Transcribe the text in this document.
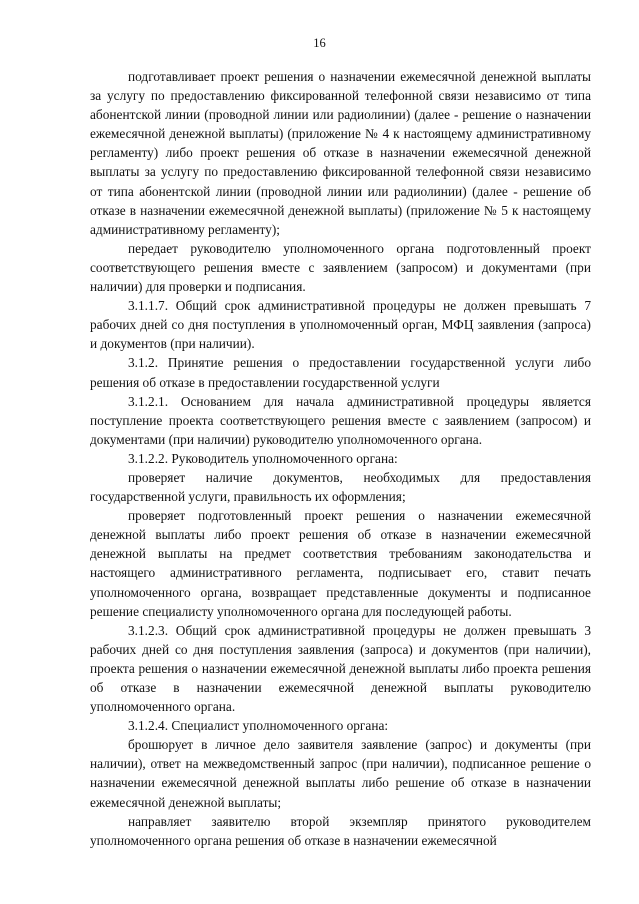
16

подготавливает проект решения о назначении ежемесячной денежной выплаты за услугу по предоставлению фиксированной телефонной связи независимо от типа абонентской линии (проводной линии или радиолинии) (далее - решение о назначении ежемесячной денежной выплаты) (приложение № 4 к настоящему административному регламенту) либо проект решения об отказе в назначении ежемесячной денежной выплаты за услугу по предоставлению фиксированной телефонной связи независимо от типа абонентской линии (проводной линии или радиолинии) (далее - решение об отказе в назначении ежемесячной денежной выплаты) (приложение № 5 к настоящему административному регламенту);

передает руководителю уполномоченного органа подготовленный проект соответствующего решения вместе с заявлением (запросом) и документами (при наличии) для проверки и подписания.

3.1.1.7. Общий срок административной процедуры не должен превышать 7 рабочих дней со дня поступления в уполномоченный орган, МФЦ заявления (запроса) и документов (при наличии).

3.1.2. Принятие решения о предоставлении государственной услуги либо решения об отказе в предоставлении государственной услуги

3.1.2.1. Основанием для начала административной процедуры является поступление проекта соответствующего решения вместе с заявлением (запросом) и документами (при наличии) руководителю уполномоченного органа.

3.1.2.2. Руководитель уполномоченного органа:

проверяет наличие документов, необходимых для предоставления государственной услуги, правильность их оформления;

проверяет подготовленный проект решения о назначении ежемесячной денежной выплаты либо проект решения об отказе в назначении ежемесячной денежной выплаты на предмет соответствия требованиям законодательства и настоящего административного регламента, подписывает его, ставит печать уполномоченного органа, возвращает представленные документы и подписанное решение специалисту уполномоченного органа для последующей работы.

3.1.2.3. Общий срок административной процедуры не должен превышать 3 рабочих дней со дня поступления заявления (запроса) и документов (при наличии), проекта решения о назначении ежемесячной денежной выплаты либо проекта решения об отказе в назначении ежемесячной денежной выплаты руководителю уполномоченного органа.

3.1.2.4. Специалист уполномоченного органа:

брошюрует в личное дело заявителя заявление (запрос) и документы (при наличии), ответ на межведомственный запрос (при наличии), подписанное решение о назначении ежемесячной денежной выплаты либо решение об отказе в назначении ежемесячной денежной выплаты;

направляет заявителю второй экземпляр принятого руководителем уполномоченного органа решения об отказе в назначении ежемесячной
